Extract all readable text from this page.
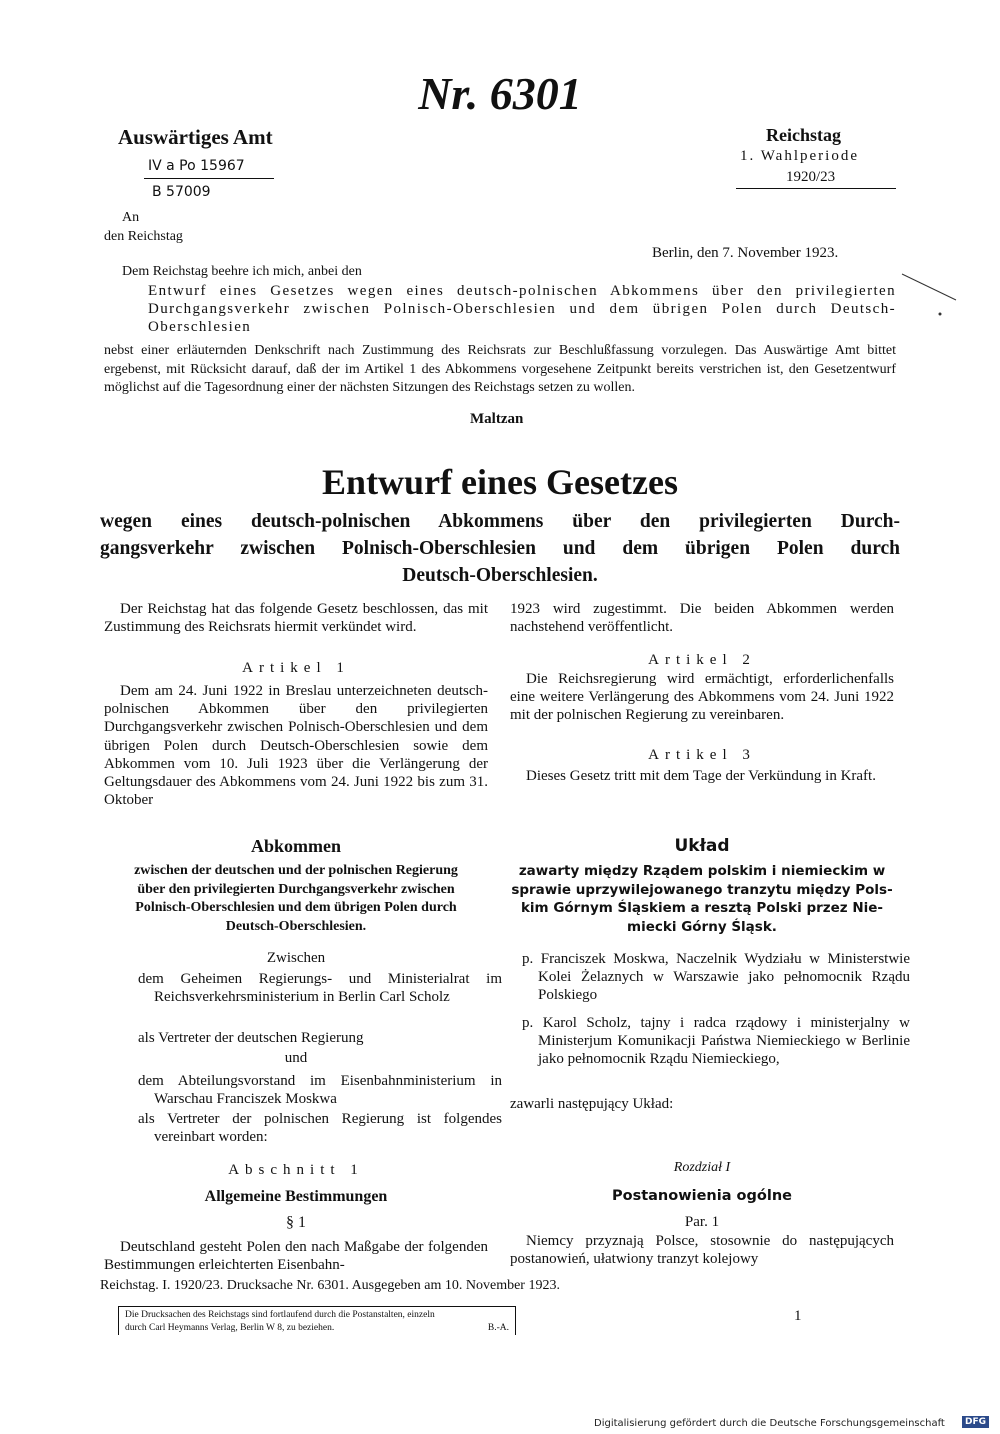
Nr. 6301
Auswärtiges Amt
IV a Po 15967
B 57009
Reichstag
1. Wahlperiode
1920/23
An
den Reichstag
Berlin, den 7. November 1923.
Dem Reichstag beehre ich mich, anbei den
Entwurf eines Gesetzes wegen eines deutsch-polnischen Abkommens über den privilegierten Durchgangsverkehr zwischen Polnisch-Oberschlesien und dem übrigen Polen durch Deutsch-Oberschlesien
nebst einer erläuternden Denkschrift nach Zustimmung des Reichsrats zur Beschlußfassung vorzulegen. Das Auswärtige Amt bittet ergebenst, mit Rücksicht darauf, daß der im Artikel 1 des Abkommens vorgesehene Zeitpunkt bereits verstrichen ist, den Gesetzentwurf möglichst auf die Tagesordnung einer der nächsten Sitzungen des Reichstags setzen zu wollen.
Maltzan
Entwurf eines Gesetzes
wegen eines deutsch-polnischen Abkommens über den privilegierten Durch-
gangsverkehr zwischen Polnisch-Oberschlesien und dem übrigen Polen durch
Deutsch-Oberschlesien.
Der Reichstag hat das folgende Gesetz beschlossen, das mit Zustimmung des Reichsrats hiermit verkündet wird.
Artikel 1
Dem am 24. Juni 1922 in Breslau unterzeichneten deutsch-polnischen Abkommen über den privilegierten Durchgangsverkehr zwischen Polnisch-Oberschlesien und dem übrigen Polen durch Deutsch-Oberschlesien sowie dem Abkommen vom 10. Juli 1923 über die Verlängerung der Geltungsdauer des Abkommens vom 24. Juni 1922 bis zum 31. Oktober
1923 wird zugestimmt. Die beiden Abkommen werden nachstehend veröffentlicht.
Artikel 2
Die Reichsregierung wird ermächtigt, erforderlichenfalls eine weitere Verlängerung des Abkommens vom 24. Juni 1922 mit der polnischen Regierung zu vereinbaren.
Artikel 3
Dieses Gesetz tritt mit dem Tage der Verkündung in Kraft.
Abkommen
zwischen der deutschen und der polnischen Regierung
über den privilegierten Durchgangsverkehr zwischen
Polnisch-Oberschlesien und dem übrigen Polen durch
Deutsch-Oberschlesien.
Zwischen
dem Geheimen Regierungs- und Ministerialrat im Reichsverkehrsministerium in Berlin Carl Scholz
als Vertreter der deutschen Regierung
und
dem Abteilungsvorstand im Eisenbahnministerium in Warschau Franciszek Moskwa
als Vertreter der polnischen Regierung ist folgendes vereinbart worden:
Abschnitt 1
Allgemeine Bestimmungen
§ 1
Deutschland gesteht Polen den nach Maßgabe der folgenden Bestimmungen erleichterten Eisenbahn-
Układ
zawarty między Rządem polskim i niemieckim w
sprawie uprzywilejowanego tranzytu między Pols-
kim Górnym Śląskiem a resztą Polski przez Nie-
miecki Górny Śląsk.
p. Franciszek Moskwa, Naczelnik Wydziału w Ministerstwie Kolei Żelaznych w Warszawie jako pełnomocnik Rządu Polskiego
p. Karol Scholz, tajny i radca rządowy i ministerjalny w Ministerjum Komunikacji Państwa Niemieckiego w Berlinie jako pełnomocnik Rządu Niemieckiego,
zawarli następujący Układ:
Rozdział I
Postanowienia ogólne
Par. 1
Niemcy przyznają Polsce, stosownie do następujących postanowień, ułatwiony tranzyt kolejowy
Reichstag. I. 1920/23. Drucksache Nr. 6301. Ausgegeben am 10. November 1923.
Die Drucksachen des Reichstags sind fortlaufend durch die Postanstalten, einzeln
durch Carl Heymanns Verlag, Berlin W 8, zu beziehen.	B.-A.
1
Digitalisierung gefördert durch die Deutsche Forschungsgemeinschaft	DFG
